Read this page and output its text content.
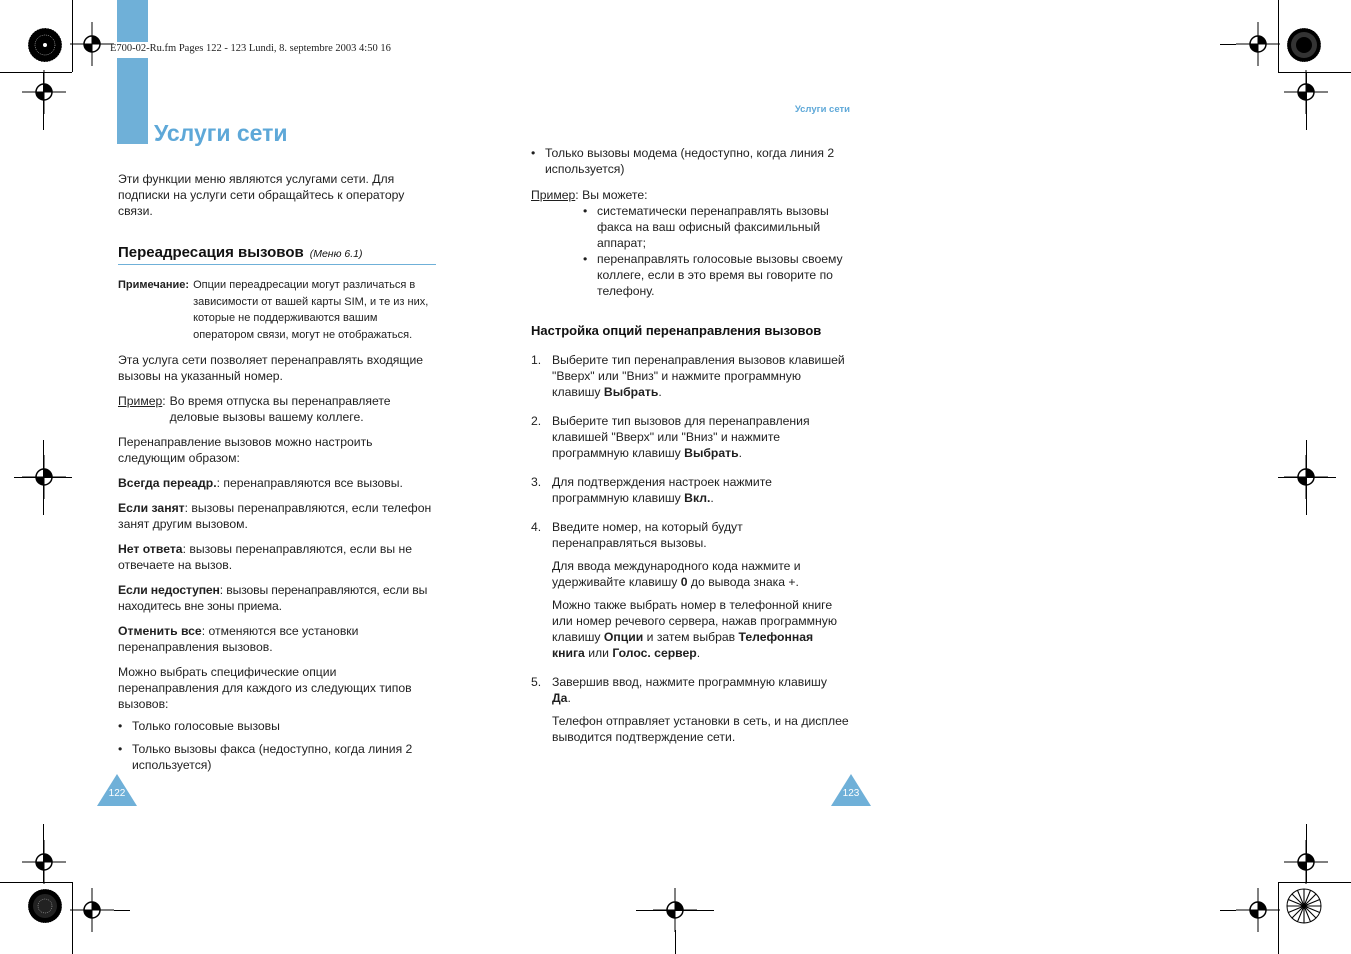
E700-02-Ru.fm Pages 122 - 123 Lundi, 8. septembre 2003 4:50 16
Услуги сети
Услуги сети

Эти функции меню являются услугами сети. Для подписки на услуги сети обращайтесь к оператору связи.

Переадресация вызовов (Меню 6.1)
Примечание: Опции переадресации могут различаться в зависимости от вашей карты SIM, и те из них, которые не поддерживаются вашим оператором связи, могут не отображаться.

Эта услуга сети позволяет перенаправлять входящие вызовы на указанный номер.

Пример: Во время отпуска вы перенаправляете деловые вызовы вашему коллеге.

Перенаправление вызовов можно настроить следующим образом:

Всегда переадр.: перенаправляются все вызовы.

Если занят: вызовы перенаправляются, если телефон занят другим вызовом.

Нет ответа: вызовы перенаправляются, если вы не отвечаете на вызов.

Если недоступен: вызовы перенаправляются, если вы находитесь вне зоны приема.

Отменить все: отменяются все установки перенаправления вызовов.

Можно выбрать специфические опции перенаправления для каждого из следующих типов вызовов:

• Только голосовые вызовы
• Только вызовы факса (недоступно, когда линия 2 используется)
• Только вызовы модема (недоступно, когда линия 2 используется)
Пример: Вы можете:
• систематически перенаправлять вызовы факса на ваш офисный факсимильный аппарат;
• перенаправлять голосовые вызовы своему коллеге, если в это время вы говорите по телефону.
Настройка опций перенаправления вызовов
1. Выберите тип перенаправления вызовов клавишей "Вверх" или "Вниз" и нажмите программную клавишу Выбрать.
2. Выберите тип вызовов для перенаправления клавишей "Вверх" или "Вниз" и нажмите программную клавишу Выбрать.
3. Для подтверждения настроек нажмите программную клавишу Вкл..
4. Введите номер, на который будут перенаправляться вызовы.

Для ввода международного кода нажмите и удерживайте клавишу 0 до вывода знака +.

Можно также выбрать номер в телефонной книге или номер речевого сервера, нажав программную клавишу Опции и затем выбрав Телефонная книга или Голос. сервер.

5. Завершив ввод, нажмите программную клавишу Да.

Телефон отправляет установки в сеть, и на дисплее выводится подтверждение сети.

122	123
